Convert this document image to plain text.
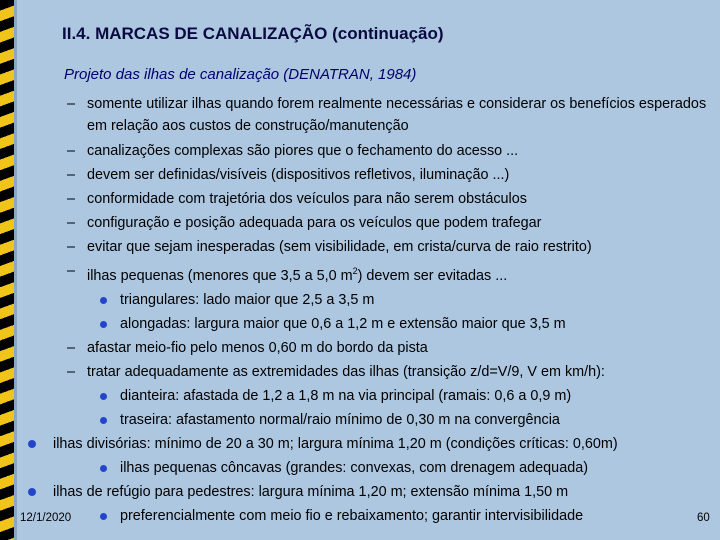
II.4. MARCAS DE CANALIZAÇÃO (continuação)
Projeto das ilhas de canalização (DENATRAN, 1984)
– somente utilizar ilhas quando forem realmente necessárias e considerar os benefícios esperados em relação aos custos de construção/manutenção
– canalizações complexas são piores que o fechamento do acesso ...
– devem ser definidas/visíveis (dispositivos refletivos, iluminação ...)
– conformidade com trajetória dos veículos para não serem obstáculos
– configuração e posição adequada para os veículos que podem trafegar
– evitar que sejam inesperadas (sem visibilidade, em crista/curva de raio restrito)
– ilhas pequenas (menores que 3,5 a 5,0 $m^2$) devem ser evitadas ...
triangulares: lado maior que 2,5 a 3,5 m
alongadas: largura maior que 0,6 a 1,2 m e extensão maior que 3,5 m
– afastar meio-fio pelo menos 0,60 m do bordo da pista
– tratar adequadamente as extremidades das ilhas (transição z/d=V/9, V em km/h):
dianteira: afastada de 1,2 a 1,8 m na via principal (ramais: 0,6 a 0,9 m)
traseira: afastamento normal/raio mínimo de 0,30 m na convergência
ilhas divisórias: mínimo de 20 a 30 m; largura mínima 1,20 m (condições críticas: 0,60m)
ilhas pequenas côncavas (grandes: convexas, com drenagem adequada)
ilhas de refúgio para pedestres: largura mínima 1,20 m; extensão mínima 1,50 m
preferencialmente com meio fio e rebaixamento; garantir intervisibilidade
12/1/2020	60
